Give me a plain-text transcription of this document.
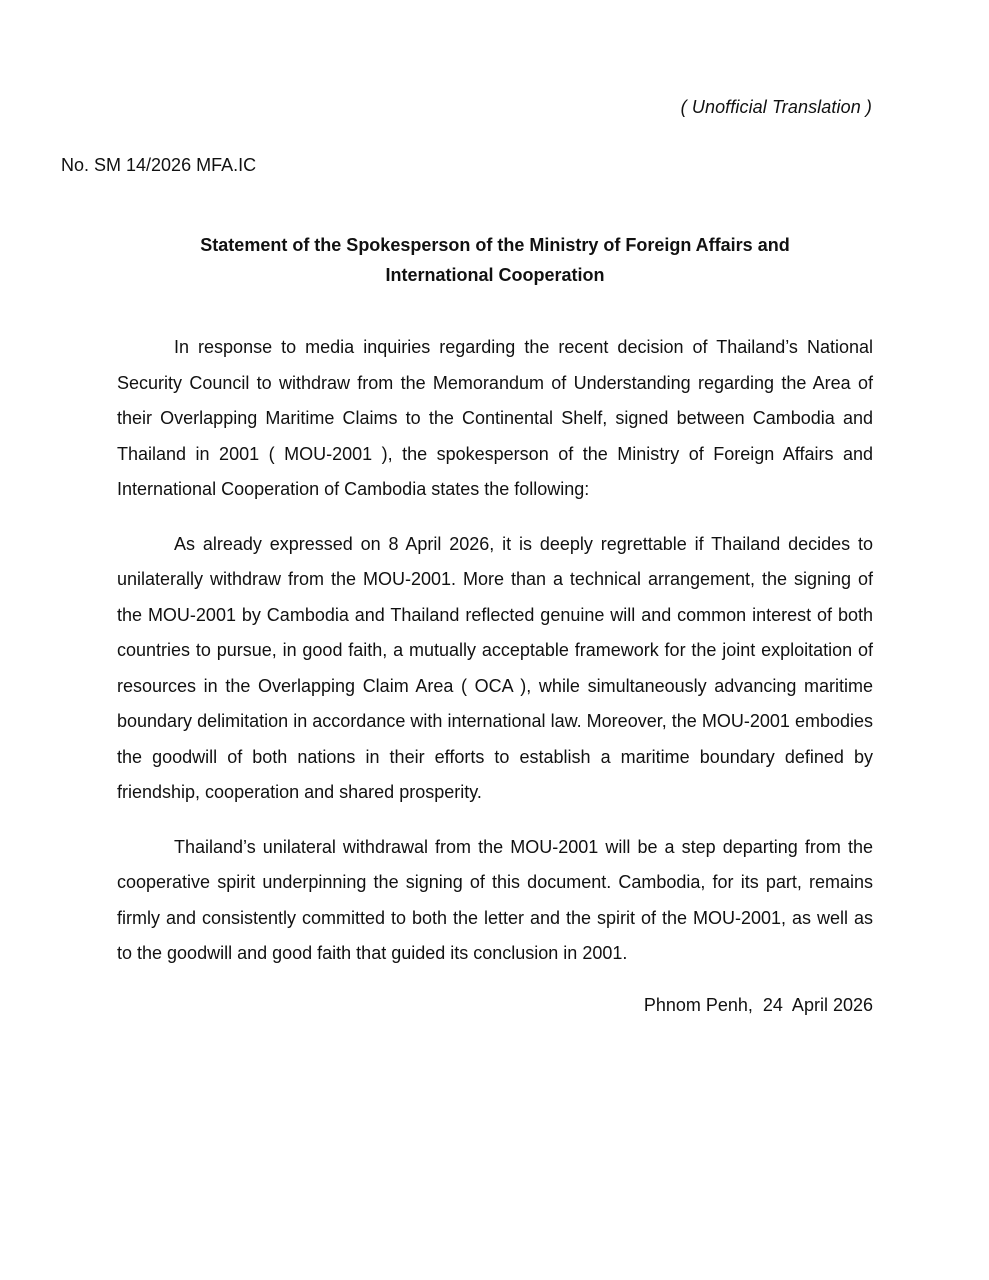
( Unofficial Translation )
No. SM 14/2026 MFA.IC
Statement of the Spokesperson of the Ministry of Foreign Affairs and
International Cooperation

In response to media inquiries regarding the recent decision of Thailand’s National Security Council to withdraw from the Memorandum of Understanding regarding the Area of their Overlapping Maritime Claims to the Continental Shelf, signed between Cambodia and Thailand in 2001 ( MOU-2001 ), the spokesperson of the Ministry of Foreign Affairs and International Cooperation of Cambodia states the following:

As already expressed on 8 April 2026, it is deeply regrettable if Thailand decides to unilaterally withdraw from the MOU-2001. More than a technical arrangement, the signing of the MOU-2001 by Cambodia and Thailand reflected genuine will and common interest of both countries to pursue, in good faith, a mutually acceptable framework for the joint exploitation of resources in the Overlapping Claim Area ( OCA ), while simultaneously advancing maritime boundary delimitation in accordance with international law. Moreover, the MOU-2001 embodies the goodwill of both nations in their efforts to establish a maritime boundary defined by friendship, cooperation and shared prosperity.

Thailand’s unilateral withdrawal from the MOU-2001 will be a step departing from the cooperative spirit underpinning the signing of this document. Cambodia, for its part, remains firmly and consistently committed to both the letter and the spirit of the MOU-2001, as well as to the goodwill and good faith that guided its conclusion in 2001.

Phnom Penh,  24  April 2026
